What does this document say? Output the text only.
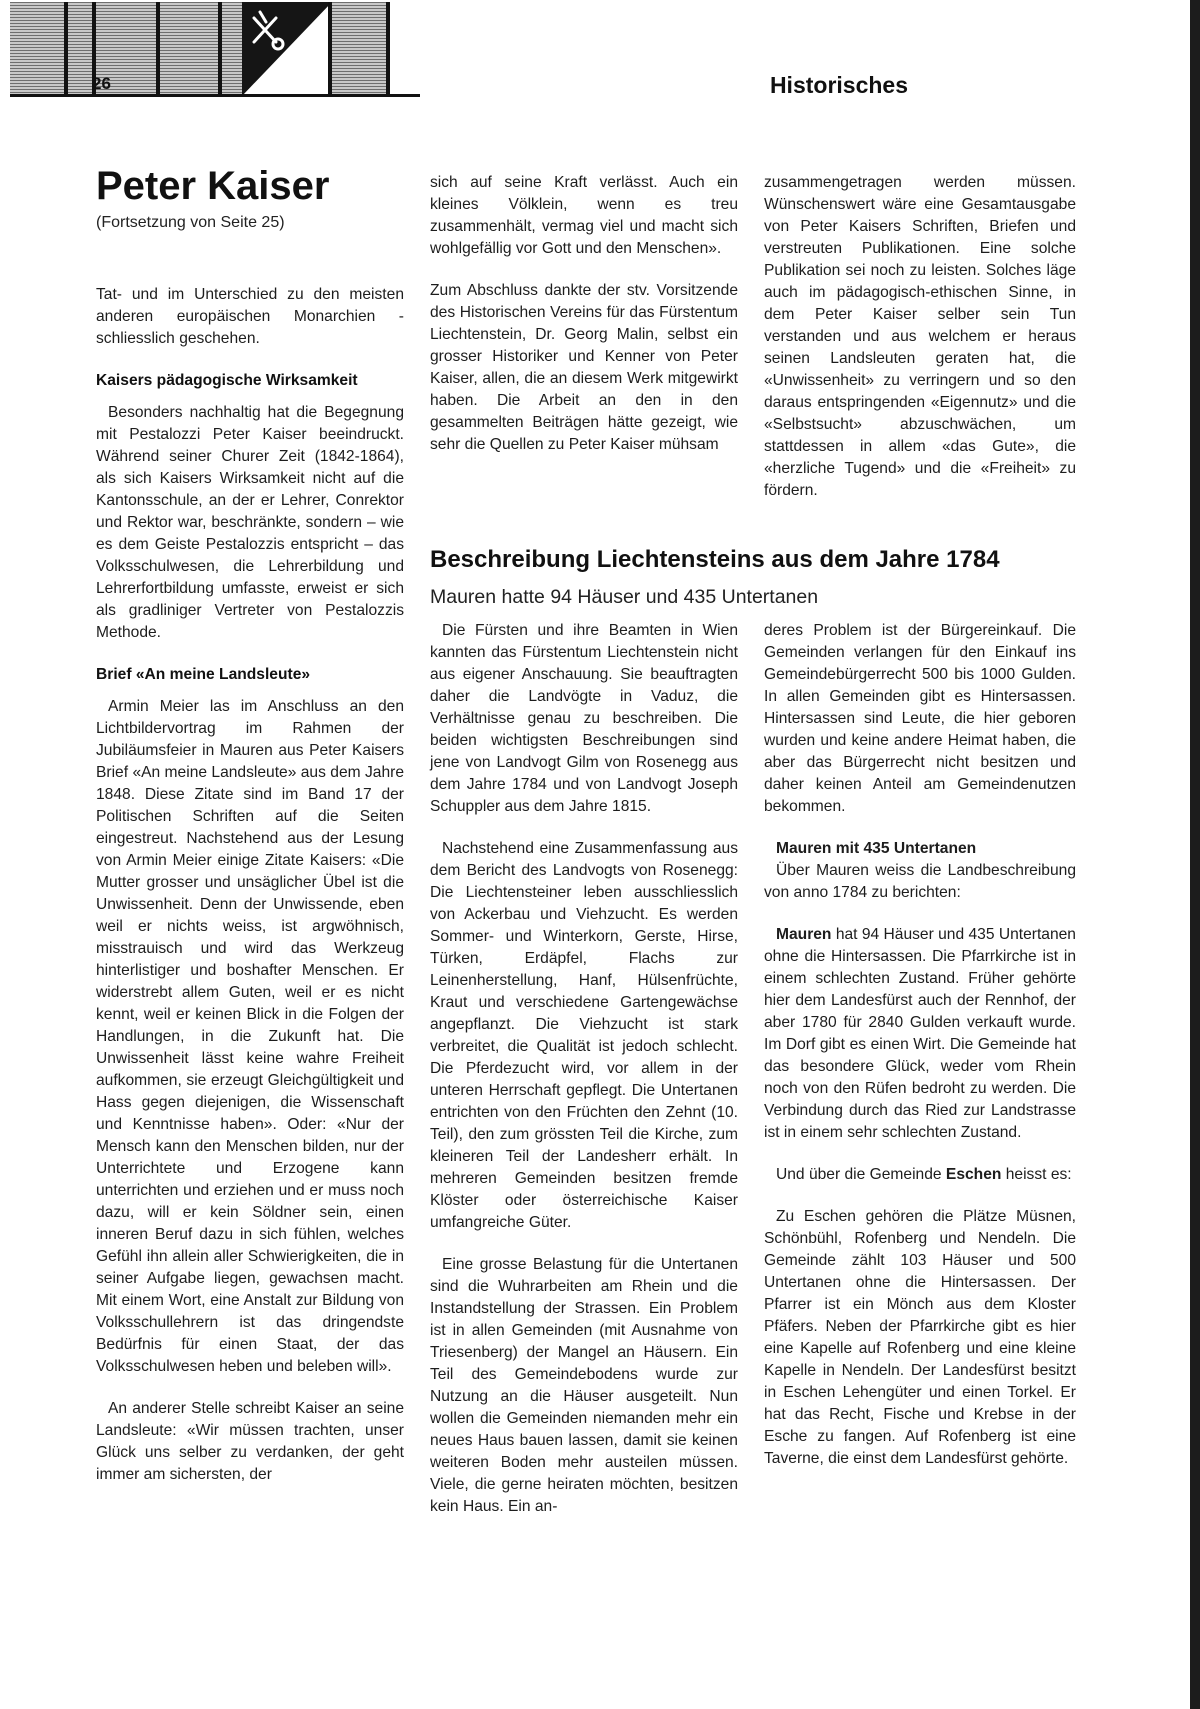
26	Historisches
Peter Kaiser
(Fortsetzung von Seite 25)

Tat- und im Unterschied zu den meisten anderen europäischen Monarchien - schliesslich geschehen.

Kaisers pädagogische Wirksamkeit

Besonders nachhaltig hat die Begegnung mit Pestalozzi Peter Kaiser beeindruckt. Während seiner Churer Zeit (1842-1864), als sich Kaisers Wirksamkeit nicht auf die Kantonsschule, an der er Lehrer, Conrektor und Rektor war, beschränkte, sondern – wie es dem Geiste Pestalozzis entspricht – das Volksschulwesen, die Lehrerbildung und Lehrerfortbildung umfasste, erweist er sich als gradliniger Vertreter von Pestalozzis Methode.

Brief «An meine Landsleute»

Armin Meier las im Anschluss an den Lichtbildervortrag im Rahmen der Jubiläumsfeier in Mauren aus Peter Kaisers Brief «An meine Landsleute» aus dem Jahre 1848. Diese Zitate sind im Band 17 der Politischen Schriften auf die Seiten eingestreut. Nachstehend aus der Lesung von Armin Meier einige Zitate Kaisers: «Die Mutter grosser und unsäglicher Übel ist die Unwissenheit. Denn der Unwissende, eben weil er nichts weiss, ist argwöhnisch, misstrauisch und wird das Werkzeug hinterlistiger und boshafter Menschen. Er widerstrebt allem Guten, weil er es nicht kennt, weil er keinen Blick in die Folgen der Handlungen, in die Zukunft hat. Die Unwissenheit lässt keine wahre Freiheit aufkommen, sie erzeugt Gleichgültigkeit und Hass gegen diejenigen, die Wissenschaft und Kenntnisse haben». Oder: «Nur der Mensch kann den Menschen bilden, nur der Unterrichtete und Erzogene kann unterrichten und erziehen und er muss noch dazu, will er kein Söldner sein, einen inneren Beruf dazu in sich fühlen, welches Gefühl ihn allein aller Schwierigkeiten, die in seiner Aufgabe liegen, gewachsen macht. Mit einem Wort, eine Anstalt zur Bildung von Volksschullehrern ist das dringendste Bedürfnis für einen Staat, der das Volksschulwesen heben und beleben will».

An anderer Stelle schreibt Kaiser an seine Landsleute: «Wir müssen trachten, unser Glück uns selber zu verdanken, der geht immer am sichersten, der

sich auf seine Kraft verlässt. Auch ein kleines Völklein, wenn es treu zusammenhält, vermag viel und macht sich wohlgefällig vor Gott und den Menschen».

Zum Abschluss dankte der stv. Vorsitzende des Historischen Vereins für das Fürstentum Liechtenstein, Dr. Georg Malin, selbst ein grosser Historiker und Kenner von Peter Kaiser, allen, die an diesem Werk mitgewirkt haben. Die Arbeit an den in den gesammelten Beiträgen hätte gezeigt, wie sehr die Quellen zu Peter Kaiser mühsam

zusammengetragen werden müssen. Wünschenswert wäre eine Gesamtausgabe von Peter Kaisers Schriften, Briefen und verstreuten Publikationen. Eine solche Publikation sei noch zu leisten. Solches läge auch im pädagogisch-ethischen Sinne, in dem Peter Kaiser selber sein Tun verstanden und aus welchem er heraus seinen Landsleuten geraten hat, die «Unwissenheit» zu verringern und so den daraus entspringenden «Eigennutz» und die «Selbstsucht» abzuschwächen, um stattdessen in allem «das Gute», die «herzliche Tugend» und die «Freiheit» zu fördern.

Beschreibung Liechtensteins aus dem Jahre 1784
Mauren hatte 94 Häuser und 435 Untertanen

Die Fürsten und ihre Beamten in Wien kannten das Fürstentum Liechtenstein nicht aus eigener Anschauung. Sie beauftragten daher die Landvögte in Vaduz, die Verhältnisse genau zu beschreiben. Die beiden wichtigsten Beschreibungen sind jene von Landvogt Gilm von Rosenegg aus dem Jahre 1784 und von Landvogt Joseph Schuppler aus dem Jahre 1815.

Nachstehend eine Zusammenfassung aus dem Bericht des Landvogts von Rosenegg: Die Liechtensteiner leben ausschliesslich von Ackerbau und Viehzucht. Es werden Sommer- und Winterkorn, Gerste, Hirse, Türken, Erdäpfel, Flachs zur Leinenherstellung, Hanf, Hülsenfrüchte, Kraut und verschiedene Gartengewächse angepflanzt. Die Viehzucht ist stark verbreitet, die Qualität ist jedoch schlecht. Die Pferdezucht wird, vor allem in der unteren Herrschaft gepflegt. Die Untertanen entrichten von den Früchten den Zehnt (10. Teil), den zum grössten Teil die Kirche, zum kleineren Teil der Landesherr erhält. In mehreren Gemeinden besitzen fremde Klöster oder österreichische Kaiser umfangreiche Güter.

Eine grosse Belastung für die Untertanen sind die Wuhrarbeiten am Rhein und die Instandstellung der Strassen. Ein Problem ist in allen Gemeinden (mit Ausnahme von Triesenberg) der Mangel an Häusern. Ein Teil des Gemeindebodens wurde zur Nutzung an die Häuser ausgeteilt. Nun wollen die Gemeinden niemanden mehr ein neues Haus bauen lassen, damit sie keinen weiteren Boden mehr austeilen müssen. Viele, die gerne heiraten möchten, besitzen kein Haus. Ein an-

deres Problem ist der Bürgereinkauf. Die Gemeinden verlangen für den Einkauf ins Gemeindebürgerrecht 500 bis 1000 Gulden. In allen Gemeinden gibt es Hintersassen. Hintersassen sind Leute, die hier geboren wurden und keine andere Heimat haben, die aber das Bürgerrecht nicht besitzen und daher keinen Anteil am Gemeindenutzen bekommen.

Mauren mit 435 Untertanen

Über Mauren weiss die Landbeschreibung von anno 1784 zu berichten:

Mauren hat 94 Häuser und 435 Untertanen ohne die Hintersassen. Die Pfarrkirche ist in einem schlechten Zustand. Früher gehörte hier dem Landesfürst auch der Rennhof, der aber 1780 für 2840 Gulden verkauft wurde. Im Dorf gibt es einen Wirt. Die Gemeinde hat das besondere Glück, weder vom Rhein noch von den Rüfen bedroht zu werden. Die Verbindung durch das Ried zur Landstrasse ist in einem sehr schlechten Zustand.

Und über die Gemeinde Eschen heisst es:

Zu Eschen gehören die Plätze Müsnen, Schönbühl, Rofenberg und Nendeln. Die Gemeinde zählt 103 Häuser und 500 Untertanen ohne die Hintersassen. Der Pfarrer ist ein Mönch aus dem Kloster Pfäfers. Neben der Pfarrkirche gibt es hier eine Kapelle auf Rofenberg und eine kleine Kapelle in Nendeln. Der Landesfürst besitzt in Eschen Lehengüter und einen Torkel. Er hat das Recht, Fische und Krebse in der Esche zu fangen. Auf Rofenberg ist eine Taverne, die einst dem Landesfürst gehörte.
